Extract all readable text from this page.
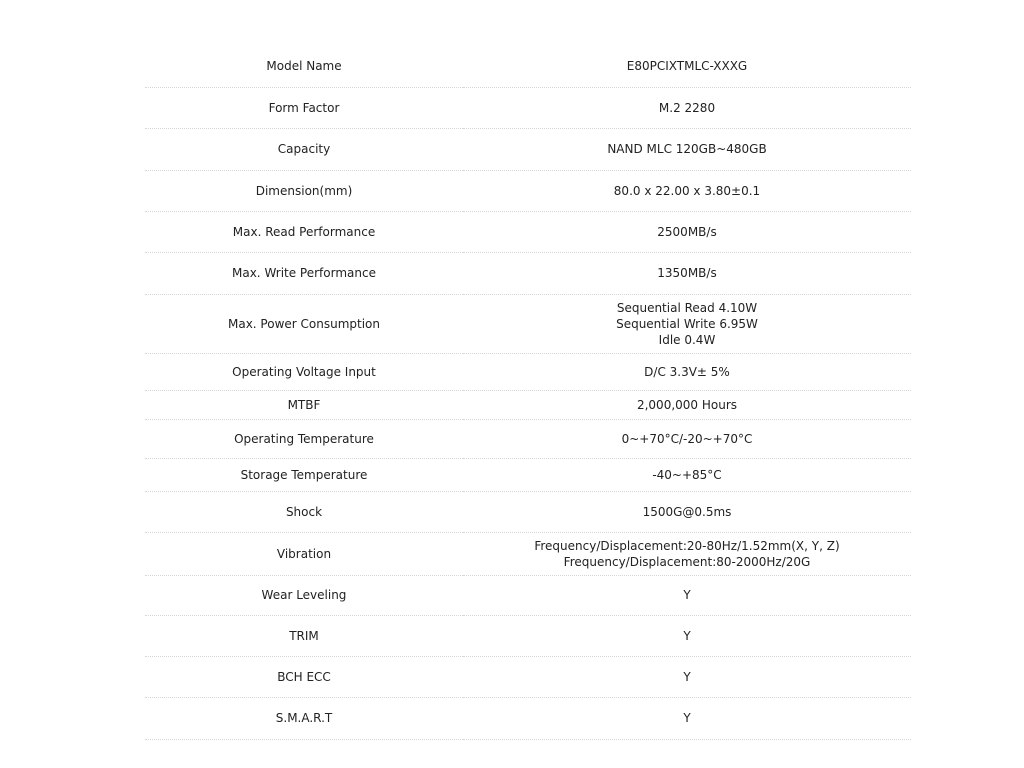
Model Name	E80PCIXTMLC-XXXG

Form Factor	M.2 2280

Capacity	NAND MLC 120GB~480GB

Dimension(mm)	80.0 x 22.00 x 3.80±0.1

Max. Read Performance	2500MB/s

Max. Write Performance	1350MB/s

Max. Power Consumption	Sequential Read 4.10W
Sequential Write 6.95W
Idle 0.4W

Operating Voltage Input	D/C 3.3V± 5%

MTBF	2,000,000 Hours

Operating Temperature	0~+70°C/-20~+70°C

Storage Temperature	-40~+85°C

Shock	1500G@0.5ms

Vibration	Frequency/Displacement:20-80Hz/1.52mm(X, Y, Z)
Frequency/Displacement:80-2000Hz/20G

Wear Leveling	Y

TRIM	Y

BCH ECC	Y

S.M.A.R.T	Y
